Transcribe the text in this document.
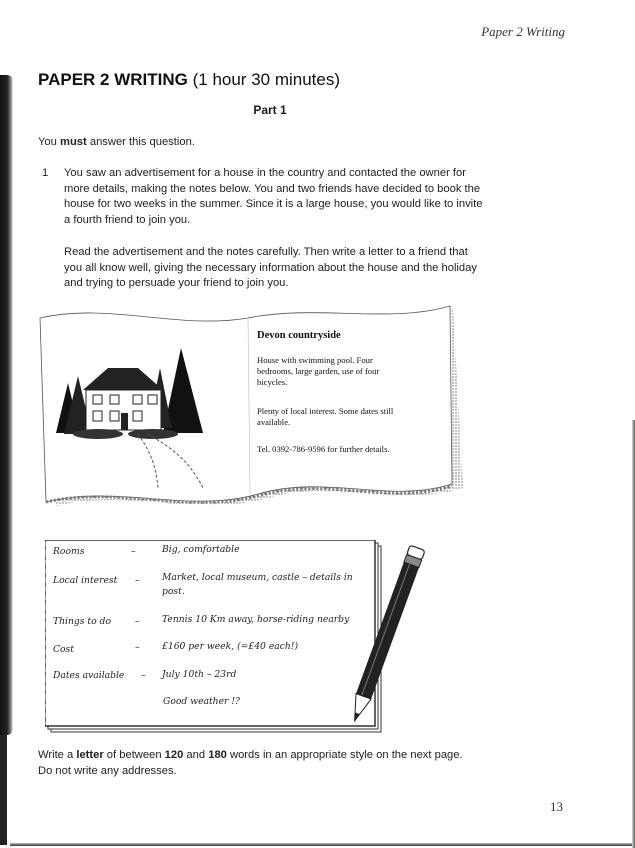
Paper 2 Writing
PAPER 2 WRITING (1 hour 30 minutes)
Part 1
You must answer this question.
1 You saw an advertisement for a house in the country and contacted the owner for more details, making the notes below. You and two friends have decided to book the house for two weeks in the summer. Since it is a large house, you would like to invite a fourth friend to join you.
Read the advertisement and the notes carefully. Then write a letter to a friend that you all know well, giving the necessary information about the house and the holiday and trying to persuade your friend to join you.
Devon countryside
House with swimming pool. Four bedrooms, large garden, use of four bicycles.
Plenty of local interest. Some dates still available.
Tel. 0392-786-9596 for further details.
Rooms	–	Big, comfortable
Local interest – Market, local museum, castle – details in
post.
Things to do	– Tennis 10 Km away, horse-riding nearby
Cost	– £160 per week, (=£40 each!)
Dates available – July 10th – 23rd
Good weather !?
Write a letter of between 120 and 180 words in an appropriate style on the next page.
Do not write any addresses.
13
